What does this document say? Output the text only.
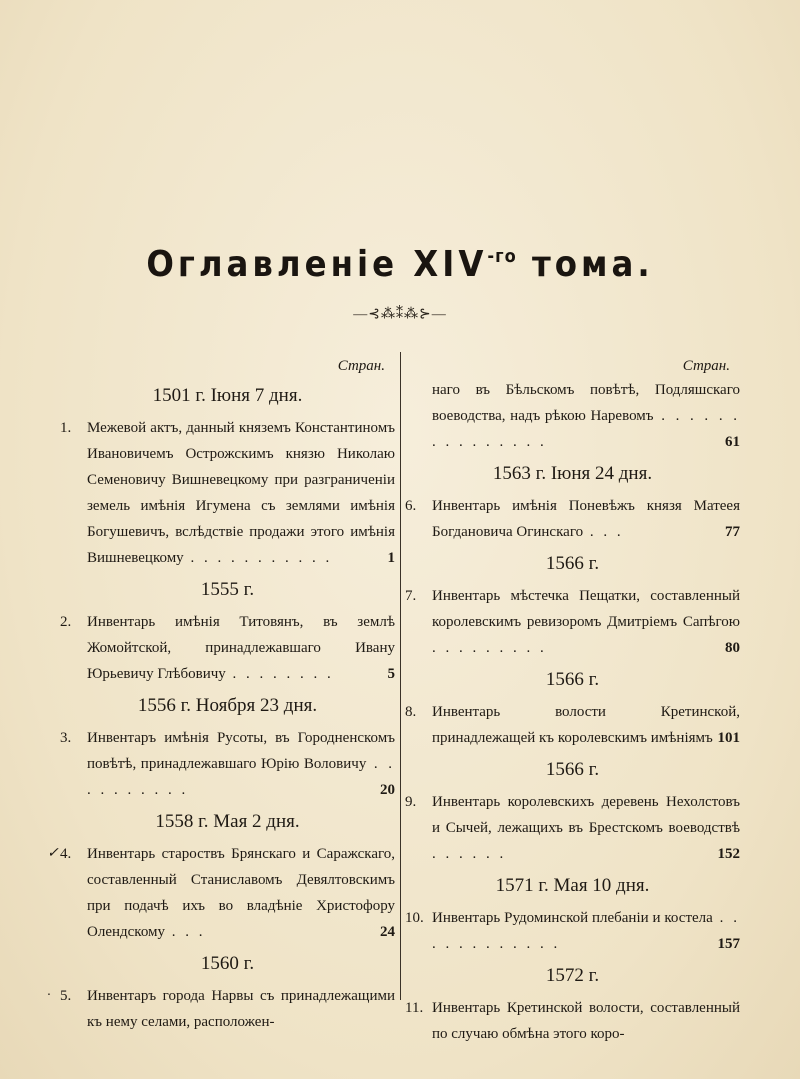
Оглавленіе $XIV^{-го}$ тома.
—⊰⁂⁑⁂⊱—
Стран.
1501 г. Іюня 7 дня.
1.	Межевой актъ, данный княземъ Константиномъ Ивановичемъ Острожскимъ князю Николаю Семеновичу Вишневецкому при разграниченіи земель имѣнія Игумена съ землями имѣнія Богушевичъ, вслѣдствіе продажи этого имѣнія Вишневецкому . . . . . . . . . . .	1
1555 г.
2.	Инвентарь имѣнія Титовянъ, въ землѣ Жомойтской, принадлежавшаго Ивану Юрьевичу Глѣбовичу . . . . . . . .	5
1556 г. Ноября 23 дня.
3.	Инвентаръ имѣнія Русоты, въ Городненскомъ повѣтѣ, принадлежавшаго Юрію Воловичу . . . . . . . . . .	20
1558 г. Мая 2 дня.
✓ 4.	Инвентарь староствъ Брянскаго и Саражскаго, составленный Станиславомъ Девялтовскимъ при подачѣ ихъ во владѣніе Христофору Олендскому . . .	24
1560 г.
· 5.	Инвентаръ города Нарвы съ принадлежащими къ нему селами, расположен-
Стран.
наго въ Бѣльскомъ повѣтѣ, Подляшскаго воеводства, надъ рѣкою Наревомъ . . . . . . . . . . . . . . .	61
1563 г. Іюня 24 дня.
6.	Инвентарь имѣнія Поневѣжъ князя Матеея Богдановича Огинскаго . . .	77
1566 г.
7.	Инвентарь мѣстечка Пещатки, составленный королевскимъ ревизоромъ Дмитріемъ Сапѣгою . . . . . . . . .	80
1566 г.
8.	Инвентарь волости Кретинской, принадлежащей къ королевскимъ имѣніямъ 101
1566 г.
9.	Инвентарь королевскихъ деревень Нехолстовъ и Сычей, лежащихъ въ Брестскомъ воеводствѣ . . . . . .	152
1571 г. Мая 10 дня.
10. Инвентарь Рудоминской плебаніи и костела . . . . . . . . . . . .	157
1572 г.
11. Инвентарь Кретинской волости, составленный по случаю обмѣна этого коро-
